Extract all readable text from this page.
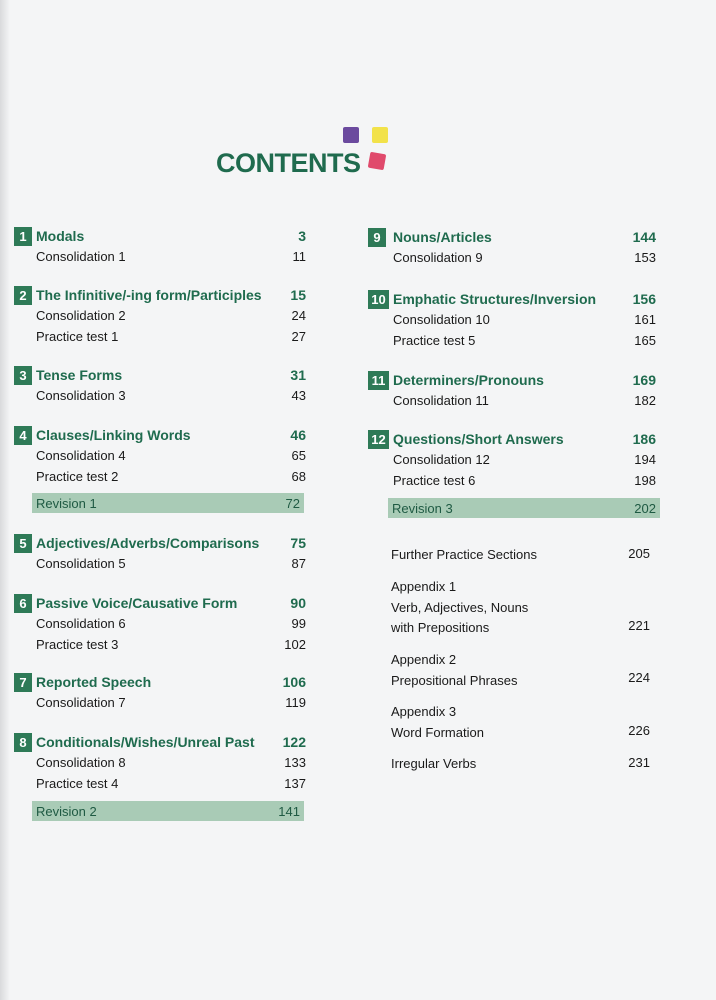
CONTENTS
1 Modals	3
Consolidation 1	11
2 The Infinitive/-ing form/Participles 15
Consolidation 2	24
Practice test 1	27
3 Tense Forms	31
Consolidation 3	43
4 Clauses/Linking Words	46
Consolidation 4	65
Practice test 2	68
5 Adjectives/Adverbs/Comparisons 75
Consolidation 5	87
6 Passive Voice/Causative Form	90
Consolidation 6	99
Practice test 3	102
7 Reported Speech	106
Consolidation 7	119
8 Conditionals/Wishes/Unreal Past 122
Consolidation 8	133
Practice test 4	137
9 Nouns/Articles	144
Consolidation 9	153
10 Emphatic Structures/Inversion	156
Consolidation 10	161
Practice test 5	165
11 Determiners/Pronouns	169
Consolidation 11	182
12 Questions/Short Answers	186
Consolidation 12	194
Practice test 6	198
Revision 1	72
Revision 2	141
Revision 3	202
Further Practice Sections	205
Appendix 1
Verb, Adjectives, Nouns
with Prepositions	221
Appendix 2
Prepositional Phrases	224
Appendix 3
Word Formation	226
Irregular Verbs	231
